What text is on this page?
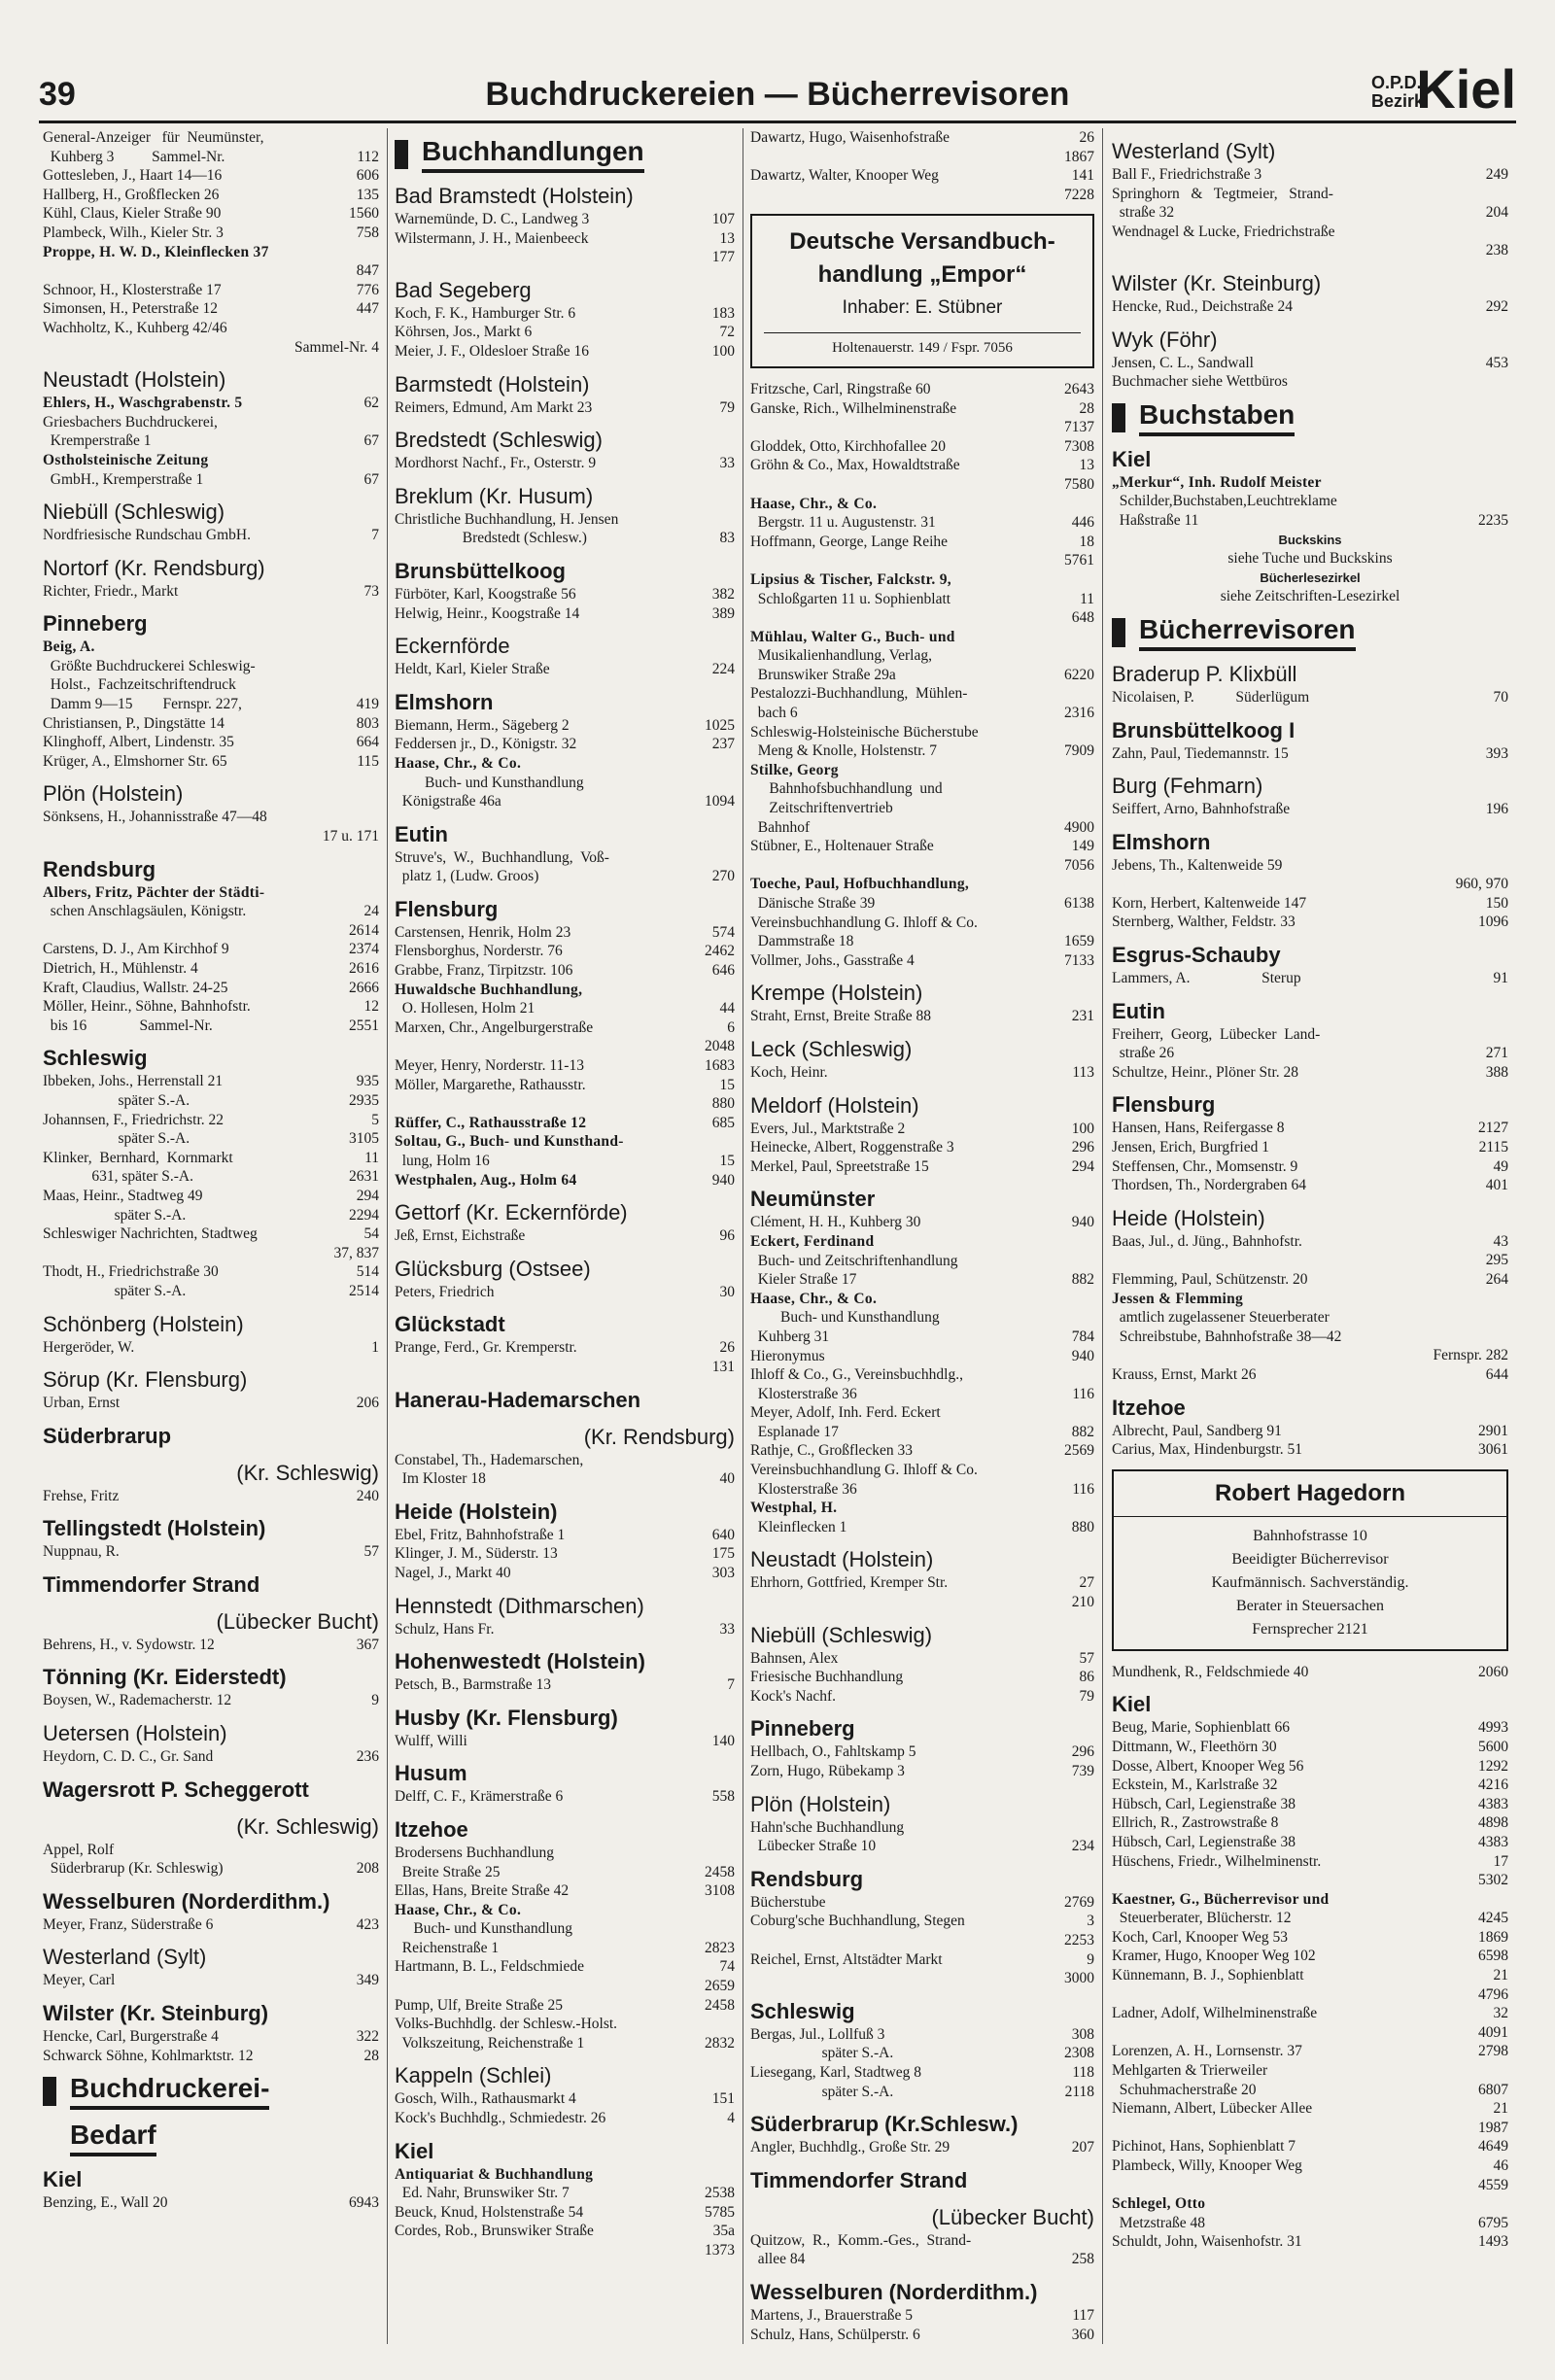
39	Buchdruckereien — Bücherrevisoren	O.P.D.
Bezirk
Kiel
General-Anzeiger   für  Neumünster,
Kuhberg 3          Sammel-Nr.	112
Gottesleben, J., Haart 14—16	606
Hallberg, H., Großflecken 26	135
Kühl, Claus, Kieler Straße 90	1560
Plambeck, Wilh., Kieler Str. 3	758
Proppe, H. W. D., Kleinflecken 37
847
Schnoor, H., Klosterstraße 17	776
Simonsen, H., Peterstraße 12	447
Wachholtz, K., Kuhberg 42/46
Sammel-Nr. 4
Neustadt (Holstein)
Ehlers, H., Waschgrabenstr. 5	62
Griesbachers Buchdruckerei,
Kremperstraße 1	67
Ostholsteinische Zeitung
GmbH., Kremperstraße 1	67
Niebüll (Schleswig)
Nordfriesische Rundschau GmbH.	7
Nortorf (Kr. Rendsburg)
Richter, Friedr., Markt	73
Pinneberg
Beig, A.
Größte Buchdruckerei Schleswig-
Holst.,  Fachzeitschriftendruck
Damm 9—15        Fernspr. 227,	419
Christiansen, P., Dingstätte 14	803
Klinghoff, Albert, Lindenstr. 35	664
Krüger, A., Elmshorner Str. 65	115
Plön (Holstein)
Sönksens, H., Johannisstraße 47—48
17 u. 171
Rendsburg
Albers, Fritz, Pächter der Städti-
schen Anschlagsäulen, Königstr.	24
2614
Carstens, D. J., Am Kirchhof 9	2374
Dietrich, H., Mühlenstr. 4	2616
Kraft, Claudius, Wallstr. 24-25	2666
Möller, Heinr., Söhne, Bahnhofstr.	12
bis 16              Sammel-Nr.	2551
Schleswig
Ibbeken, Johs., Herrenstall 21	935
später S.-A.	2935
Johannsen, F., Friedrichstr. 22	5
später S.-A.	3105
Klinker,  Bernhard,  Kornmarkt	11
631, später S.-A.	2631
Maas, Heinr., Stadtweg 49	294
später S.-A.	2294
Schleswiger Nachrichten, Stadtweg	54
37, 837
Thodt, H., Friedrichstraße 30	514
später S.-A.	2514
Schönberg (Holstein)
Hergeröder, W.	1
Sörup (Kr. Flensburg)
Urban, Ernst	206
Süderbrarup
(Kr. Schleswig)
Frehse, Fritz	240
Tellingstedt (Holstein)
Nuppnau, R.	57
Timmendorfer Strand
(Lübecker Bucht)
Behrens, H., v. Sydowstr. 12	367
Tönning (Kr. Eiderstedt)
Boysen, W., Rademacherstr. 12	9
Uetersen (Holstein)
Heydorn, C. D. C., Gr. Sand	236
Wagersrott P. Scheggerott
(Kr. Schleswig)
Appel, Rolf
Süderbrarup (Kr. Schleswig)	208
Wesselburen (Norderdithm.)
Meyer, Franz, Süderstraße 6	423
Westerland (Sylt)
Meyer, Carl	349
Wilster (Kr. Steinburg)
Hencke, Carl, Burgerstraße 4	322
Schwarck Söhne, Kohlmarktstr. 12	28
Buchdruckerei-
Bedarf
Kiel
Benzing, E., Wall 20	6943
Buchhandlungen
Bad Bramstedt (Holstein)
Warnemünde, D. C., Landweg 3	107
Wilstermann, J. H., Maienbeeck	13
177
Bad Segeberg
Koch, F. K., Hamburger Str. 6	183
Köhrsen, Jos., Markt 6	72
Meier, J. F., Oldesloer Straße 16	100
Barmstedt (Holstein)
Reimers, Edmund, Am Markt 23	79
Bredstedt (Schleswig)
Mordhorst Nachf., Fr., Osterstr. 9	33
Breklum (Kr. Husum)
Christliche Buchhandlung, H. Jensen
Bredstedt (Schlesw.)	83
Brunsbüttelkoog
Fürböter, Karl, Koogstraße 56	382
Helwig, Heinr., Koogstraße 14	389
Eckernförde
Heldt, Karl, Kieler Straße	224
Elmshorn
Biemann, Herm., Sägeberg 2	1025
Feddersen jr., D., Königstr. 32	237
Haase, Chr., & Co.
Buch- und Kunsthandlung
Königstraße 46a	1094
Eutin
Struve's,  W.,  Buchhandlung,  Voß-
platz 1, (Ludw. Groos)	270
Flensburg
Carstensen, Henrik, Holm 23	574
Flensborghus, Norderstr. 76	2462
Grabbe, Franz, Tirpitzstr. 106	646
Huwaldsche Buchhandlung,
O. Hollesen, Holm 21	44
Marxen, Chr., Angelburgerstraße	6
2048
Meyer, Henry, Norderstr. 11-13	1683
Möller, Margarethe, Rathausstr.	15
880
Rüffer, C., Rathausstraße 12	685
Soltau, G., Buch- und Kunsthand-
lung, Holm 16	15
Westphalen, Aug., Holm 64	940
Gettorf (Kr. Eckernförde)
Jeß, Ernst, Eichstraße	96
Glücksburg (Ostsee)
Peters, Friedrich	30
Glückstadt
Prange, Ferd., Gr. Kremperstr.	26
131
Hanerau-Hademarschen
(Kr. Rendsburg)
Constabel, Th., Hademarschen,
Im Kloster 18	40
Heide (Holstein)
Ebel, Fritz, Bahnhofstraße 1	640
Klinger, J. M., Süderstr. 13	175
Nagel, J., Markt 40	303
Hennstedt (Dithmarschen)
Schulz, Hans Fr.	33
Hohenwestedt (Holstein)
Petsch, B., Barmstraße 13	7
Husby (Kr. Flensburg)
Wulff, Willi	140
Husum
Delff, C. F., Krämerstraße 6	558
Itzehoe
Brodersens Buchhandlung
Breite Straße 25	2458
Ellas, Hans, Breite Straße 42	3108
Haase, Chr., & Co.
Buch- und Kunsthandlung
Reichenstraße 1	2823
Hartmann, B. L., Feldschmiede	74
2659
Pump, Ulf, Breite Straße 25	2458
Volks-Buchhdlg. der Schlesw.-Holst.
Volkszeitung, Reichenstraße 1	2832
Kappeln (Schlei)
Gosch, Wilh., Rathausmarkt 4	151
Kock's Buchhdlg., Schmiedestr. 26	4
Kiel
Antiquariat & Buchhandlung
Ed. Nahr, Brunswiker Str. 7	2538
Beuck, Knud, Holstenstraße 54	5785
Cordes, Rob., Brunswiker Straße	35a
1373
Dawartz, Hugo, Waisenhofstraße	26
1867
Dawartz, Walter, Knooper Weg	141
7228
Deutsche Versandbuch-
handlung „Empor“
Inhaber: E. Stübner
Holtenauerstr. 149 / Fspr. 7056
Fritzsche, Carl, Ringstraße 60	2643
Ganske, Rich., Wilhelminenstraße	28
7137
Gloddek, Otto, Kirchhofallee 20	7308
Gröhn & Co., Max, Howaldtstraße	13
7580
Haase, Chr., & Co.
Bergstr. 11 u. Augustenstr. 31	446
Hoffmann, George, Lange Reihe	18
5761
Lipsius & Tischer, Falckstr. 9,
Schloßgarten 11 u. Sophienblatt	11
648
Mühlau, Walter G., Buch- und
Musikalienhandlung, Verlag,
Brunswiker Straße 29a	6220
Pestalozzi-Buchhandlung,  Mühlen-
bach 6	2316
Schleswig-Holsteinische Bücherstube
Meng & Knolle, Holstenstr. 7	7909
Stilke, Georg
Bahnhofsbuchhandlung  und
Zeitschriftenvertrieb
Bahnhof	4900
Stübner, E., Holtenauer Straße	149
7056
Toeche, Paul, Hofbuchhandlung,
Dänische Straße 39	6138
Vereinsbuchhandlung G. Ihloff & Co.
Dammstraße 18	1659
Vollmer, Johs., Gasstraße 4	7133
Krempe (Holstein)
Straht, Ernst, Breite Straße 88	231
Leck (Schleswig)
Koch, Heinr.	113
Meldorf (Holstein)
Evers, Jul., Marktstraße 2	100
Heinecke, Albert, Roggenstraße 3	296
Merkel, Paul, Spreetstraße 15	294
Neumünster
Clément, H. H., Kuhberg 30	940
Eckert, Ferdinand
Buch- und Zeitschriftenhandlung
Kieler Straße 17	882
Haase, Chr., & Co.
Buch- und Kunsthandlung
Kuhberg 31	784
Hieronymus	940
Ihloff & Co., G., Vereinsbuchhdlg.,
Klosterstraße 36	116
Meyer, Adolf, Inh. Ferd. Eckert
Esplanade 17	882
Rathje, C., Großflecken 33	2569
Vereinsbuchhandlung G. Ihloff & Co.
Klosterstraße 36	116
Westphal, H.
Kleinflecken 1	880
Neustadt (Holstein)
Ehrhorn, Gottfried, Kremper Str.	27
210
Niebüll (Schleswig)
Bahnsen, Alex	57
Friesische Buchhandlung	86
Kock's Nachf.	79
Pinneberg
Hellbach, O., Fahltskamp 5	296
Zorn, Hugo, Rübekamp 3	739
Plön (Holstein)
Hahn'sche Buchhandlung
Lübecker Straße 10	234
Rendsburg
Bücherstube	2769
Coburg'sche Buchhandlung, Stegen	3
2253
Reichel, Ernst, Altstädter Markt	9
3000
Schleswig
Bergas, Jul., Lollfuß 3	308
später S.-A.	2308
Liesegang, Karl, Stadtweg 8	118
später S.-A.	2118
Süderbrarup (Kr.Schlesw.)
Angler, Buchhdlg., Große Str. 29	207
Timmendorfer Strand
(Lübecker Bucht)
Quitzow,  R.,  Komm.-Ges.,  Strand-
allee 84	258
Wesselburen (Norderdithm.)
Martens, J., Brauerstraße 5	117
Schulz, Hans, Schülperstr. 6	360
Westerland (Sylt)
Ball F., Friedrichstraße 3	249
Springhorn   &   Tegtmeier,   Strand-
straße 32	204
Wendnagel & Lucke, Friedrichstraße
238
Wilster (Kr. Steinburg)
Hencke, Rud., Deichstraße 24	292
Wyk (Föhr)
Jensen, C. L., Sandwall	453
Buchmacher siehe Wettbüros
Buchstaben
Kiel
„Merkur“, Inh. Rudolf Meister
Schilder,Buchstaben,Leuchtreklame
Haßstraße 11	2235
Buckskins
siehe Tuche und Buckskins
Bücherlesezirkel
siehe Zeitschriften-Lesezirkel
Bücherrevisoren
Braderup P. Klixbüll
Nicolaisen, P.           Süderlügum	70
Brunsbüttelkoog I
Zahn, Paul, Tiedemannstr. 15	393
Burg (Fehmarn)
Seiffert, Arno, Bahnhofstraße	196
Elmshorn
Jebens, Th., Kaltenweide 59
960, 970
Korn, Herbert, Kaltenweide 147	150
Sternberg, Walther, Feldstr. 33	1096
Esgrus-Schauby
Lammers, A.                   Sterup	91
Eutin
Freiherr,  Georg,  Lübecker  Land-
straße 26	271
Schultze, Heinr., Plöner Str. 28	388
Flensburg
Hansen, Hans, Reifergasse 8	2127
Jensen, Erich, Burgfried 1	2115
Steffensen, Chr., Momsenstr. 9	49
Thordsen, Th., Nordergraben 64	401
Heide (Holstein)
Baas, Jul., d. Jüng., Bahnhofstr.	43
295
Flemming, Paul, Schützenstr. 20	264
Jessen & Flemming
amtlich zugelassener Steuerberater
Schreibstube, Bahnhofstraße 38—42
Fernspr. 282
Krauss, Ernst, Markt 26	644
Itzehoe
Albrecht, Paul, Sandberg 91	2901
Carius, Max, Hindenburgstr. 51	3061
Robert Hagedorn
Bahnhofstrasse 10
Beeidigter Bücherrevisor
Kaufmännisch. Sachverständig.
Berater in Steuersachen
Fernsprecher 2121
Mundhenk, R., Feldschmiede 40	2060
Kiel
Beug, Marie, Sophienblatt 66	4993
Dittmann, W., Fleethörn 30	5600
Dosse, Albert, Knooper Weg 56	1292
Eckstein, M., Karlstraße 32	4216
Hübsch, Carl, Legienstraße 38	4383
Ellrich, R., Zastrowstraße 8	4898
Hübsch, Carl, Legienstraße 38	4383
Hüschens, Friedr., Wilhelminenstr.	17
5302
Kaestner, G., Bücherrevisor und
Steuerberater, Blücherstr. 12	4245
Koch, Carl, Knooper Weg 53	1869
Kramer, Hugo, Knooper Weg 102	6598
Künnemann, B. J., Sophienblatt	21
4796
Ladner, Adolf, Wilhelminenstraße	32
4091
Lorenzen, A. H., Lornsenstr. 37	2798
Mehlgarten & Trierweiler
Schuhmacherstraße 20	6807
Niemann, Albert, Lübecker Allee	21
1987
Pichinot, Hans, Sophienblatt 7	4649
Plambeck, Willy, Knooper Weg	46
4559
Schlegel, Otto
Metzstraße 48	6795
Schuldt, John, Waisenhofstr. 31	1493
